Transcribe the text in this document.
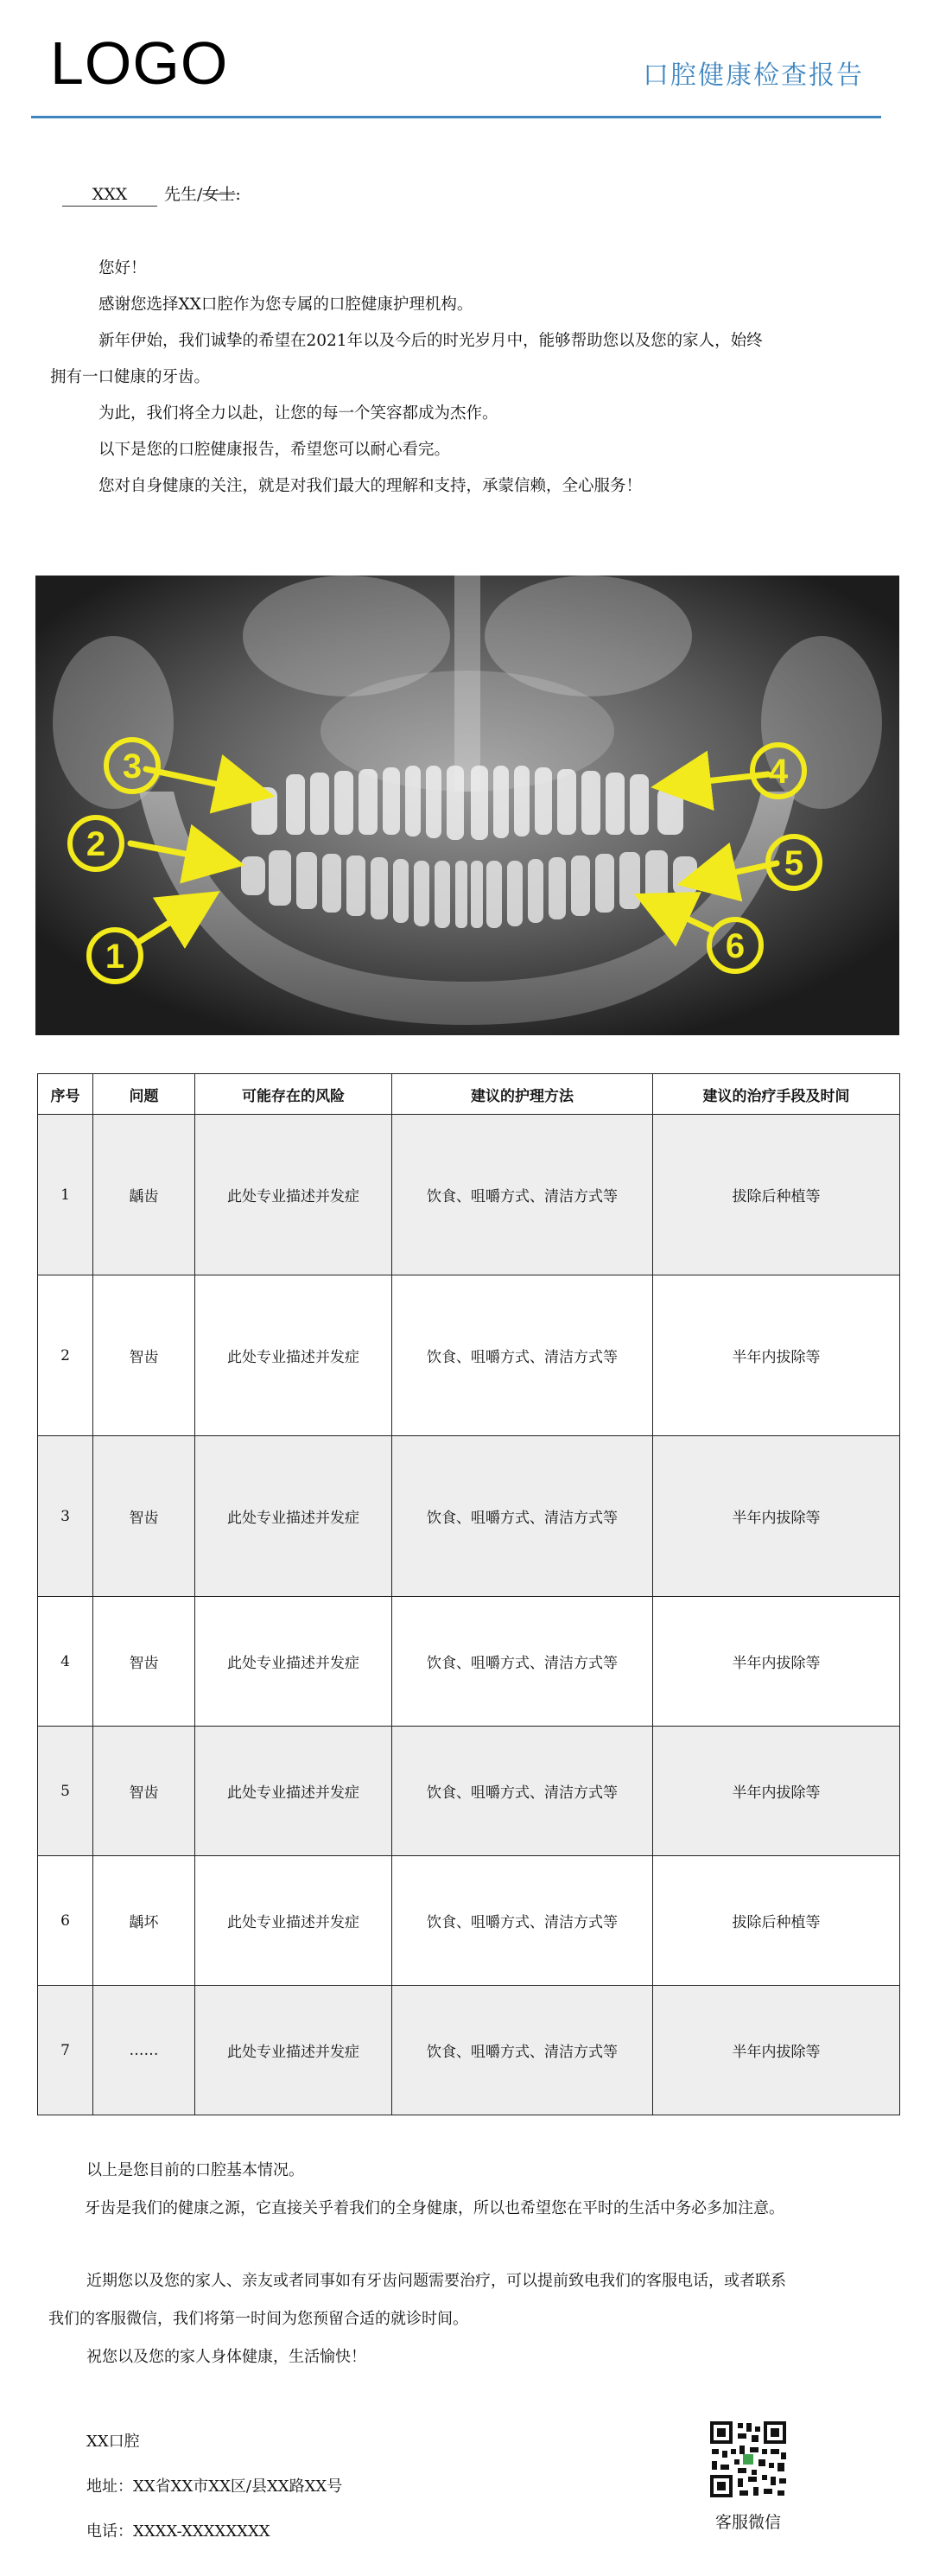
LOGO	口腔健康检查报告
XXX 先生/女士:

您好！

感谢您选择XX口腔作为您专属的口腔健康护理机构。

新年伊始，我们诚挚的希望在2021年以及今后的时光岁月中，能够帮助您以及您的家人，始终

拥有一口健康的牙齿。

为此，我们将全力以赴，让您的每一个笑容都成为杰作。

以下是您的口腔健康报告，希望您可以耐心看完。

您对自身健康的关注，就是对我们最大的理解和支持，承蒙信赖，全心服务！

1
2
3	4
5
6
序号	问题	可能存在的风险	建议的护理方法	建议的治疗手段及时间
1	龋齿	此处专业描述并发症	饮食、咀嚼方式、清洁方式等	拔除后种植等
2	智齿	此处专业描述并发症	饮食、咀嚼方式、清洁方式等	半年内拔除等
3	智齿	此处专业描述并发症	饮食、咀嚼方式、清洁方式等	半年内拔除等
4	智齿	此处专业描述并发症	饮食、咀嚼方式、清洁方式等	半年内拔除等
5	智齿	此处专业描述并发症	饮食、咀嚼方式、清洁方式等	半年内拔除等
6	龋坏	此处专业描述并发症	饮食、咀嚼方式、清洁方式等	拔除后种植等
7	……	此处专业描述并发症	饮食、咀嚼方式、清洁方式等	半年内拔除等

以上是您目前的口腔基本情况。

牙齿是我们的健康之源，它直接关乎着我们的全身健康，所以也希望您在平时的生活中务必多加注意。

近期您以及您的家人、亲友或者同事如有牙齿问题需要治疗，可以提前致电我们的客服电话，或者联系

我们的客服微信，我们将第一时间为您预留合适的就诊时间。

祝您以及您的家人身体健康，生活愉快！

XX口腔
地址：XX省XX市XX区/县XX路XX号
电话：XXXX-XXXXXXXX	客服微信
